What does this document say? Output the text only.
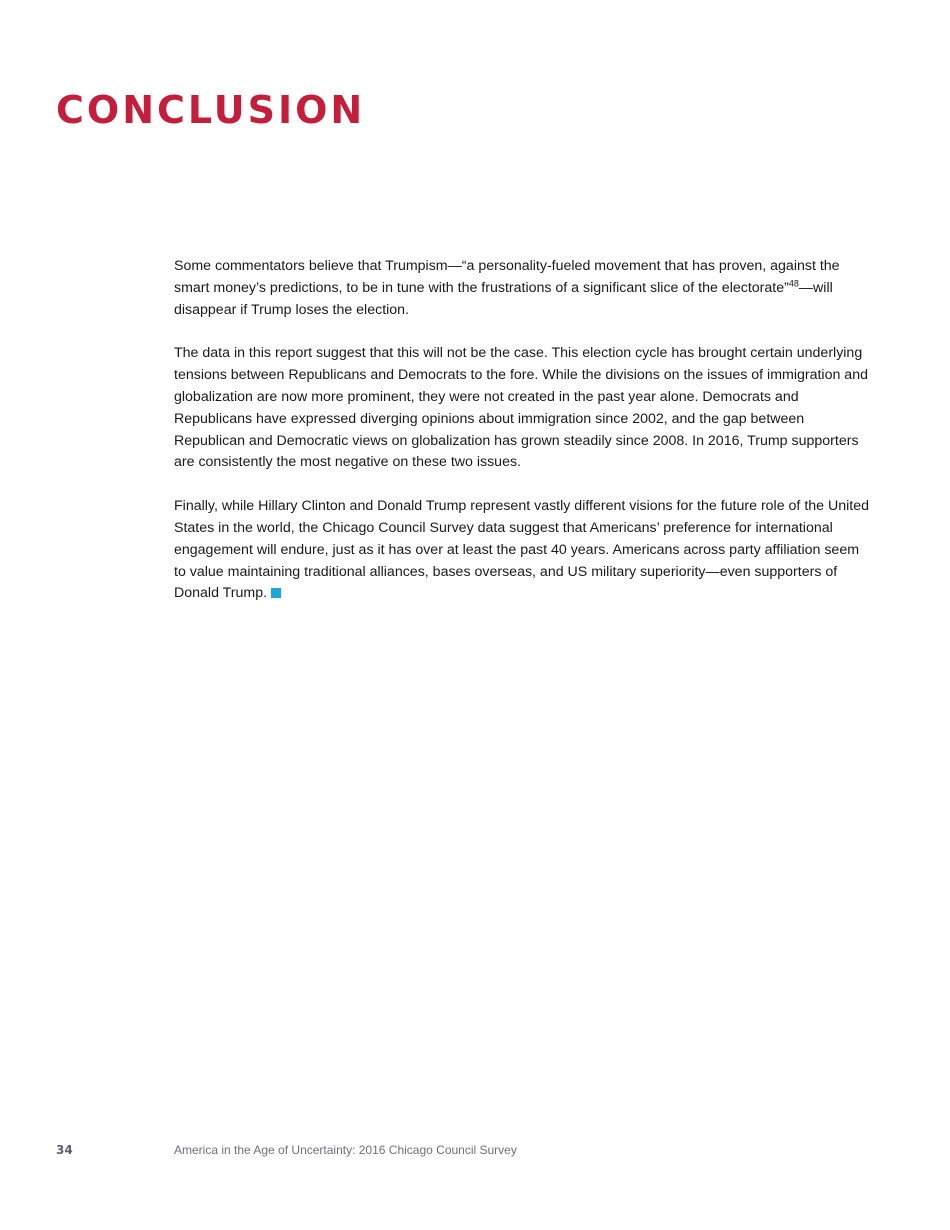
CONCLUSION

Some commentators believe that Trumpism—“a personality-fueled movement that has proven, against the smart money’s predictions, to be in tune with the frustrations of a significant slice of the electorate”$^{48}$—will disappear if Trump loses the election.

The data in this report suggest that this will not be the case. This election cycle has brought certain underlying tensions between Republicans and Democrats to the fore. While the divisions on the issues of immigration and globalization are now more prominent, they were not created in the past year alone. Democrats and Republicans have expressed diverging opinions about immigration since 2002, and the gap between Republican and Democratic views on globalization has grown steadily since 2008. In 2016, Trump supporters are consistently the most negative on these two issues.

Finally, while Hillary Clinton and Donald Trump represent vastly different visions for the future role of the United States in the world, the Chicago Council Survey data suggest that Americans’ preference for international engagement will endure, just as it has over at least the past 40 years. Americans across party affiliation seem to value maintaining traditional alliances, bases overseas, and US military superiority—even supporters of Donald Trump.

34	America in the Age of Uncertainty: 2016 Chicago Council Survey
